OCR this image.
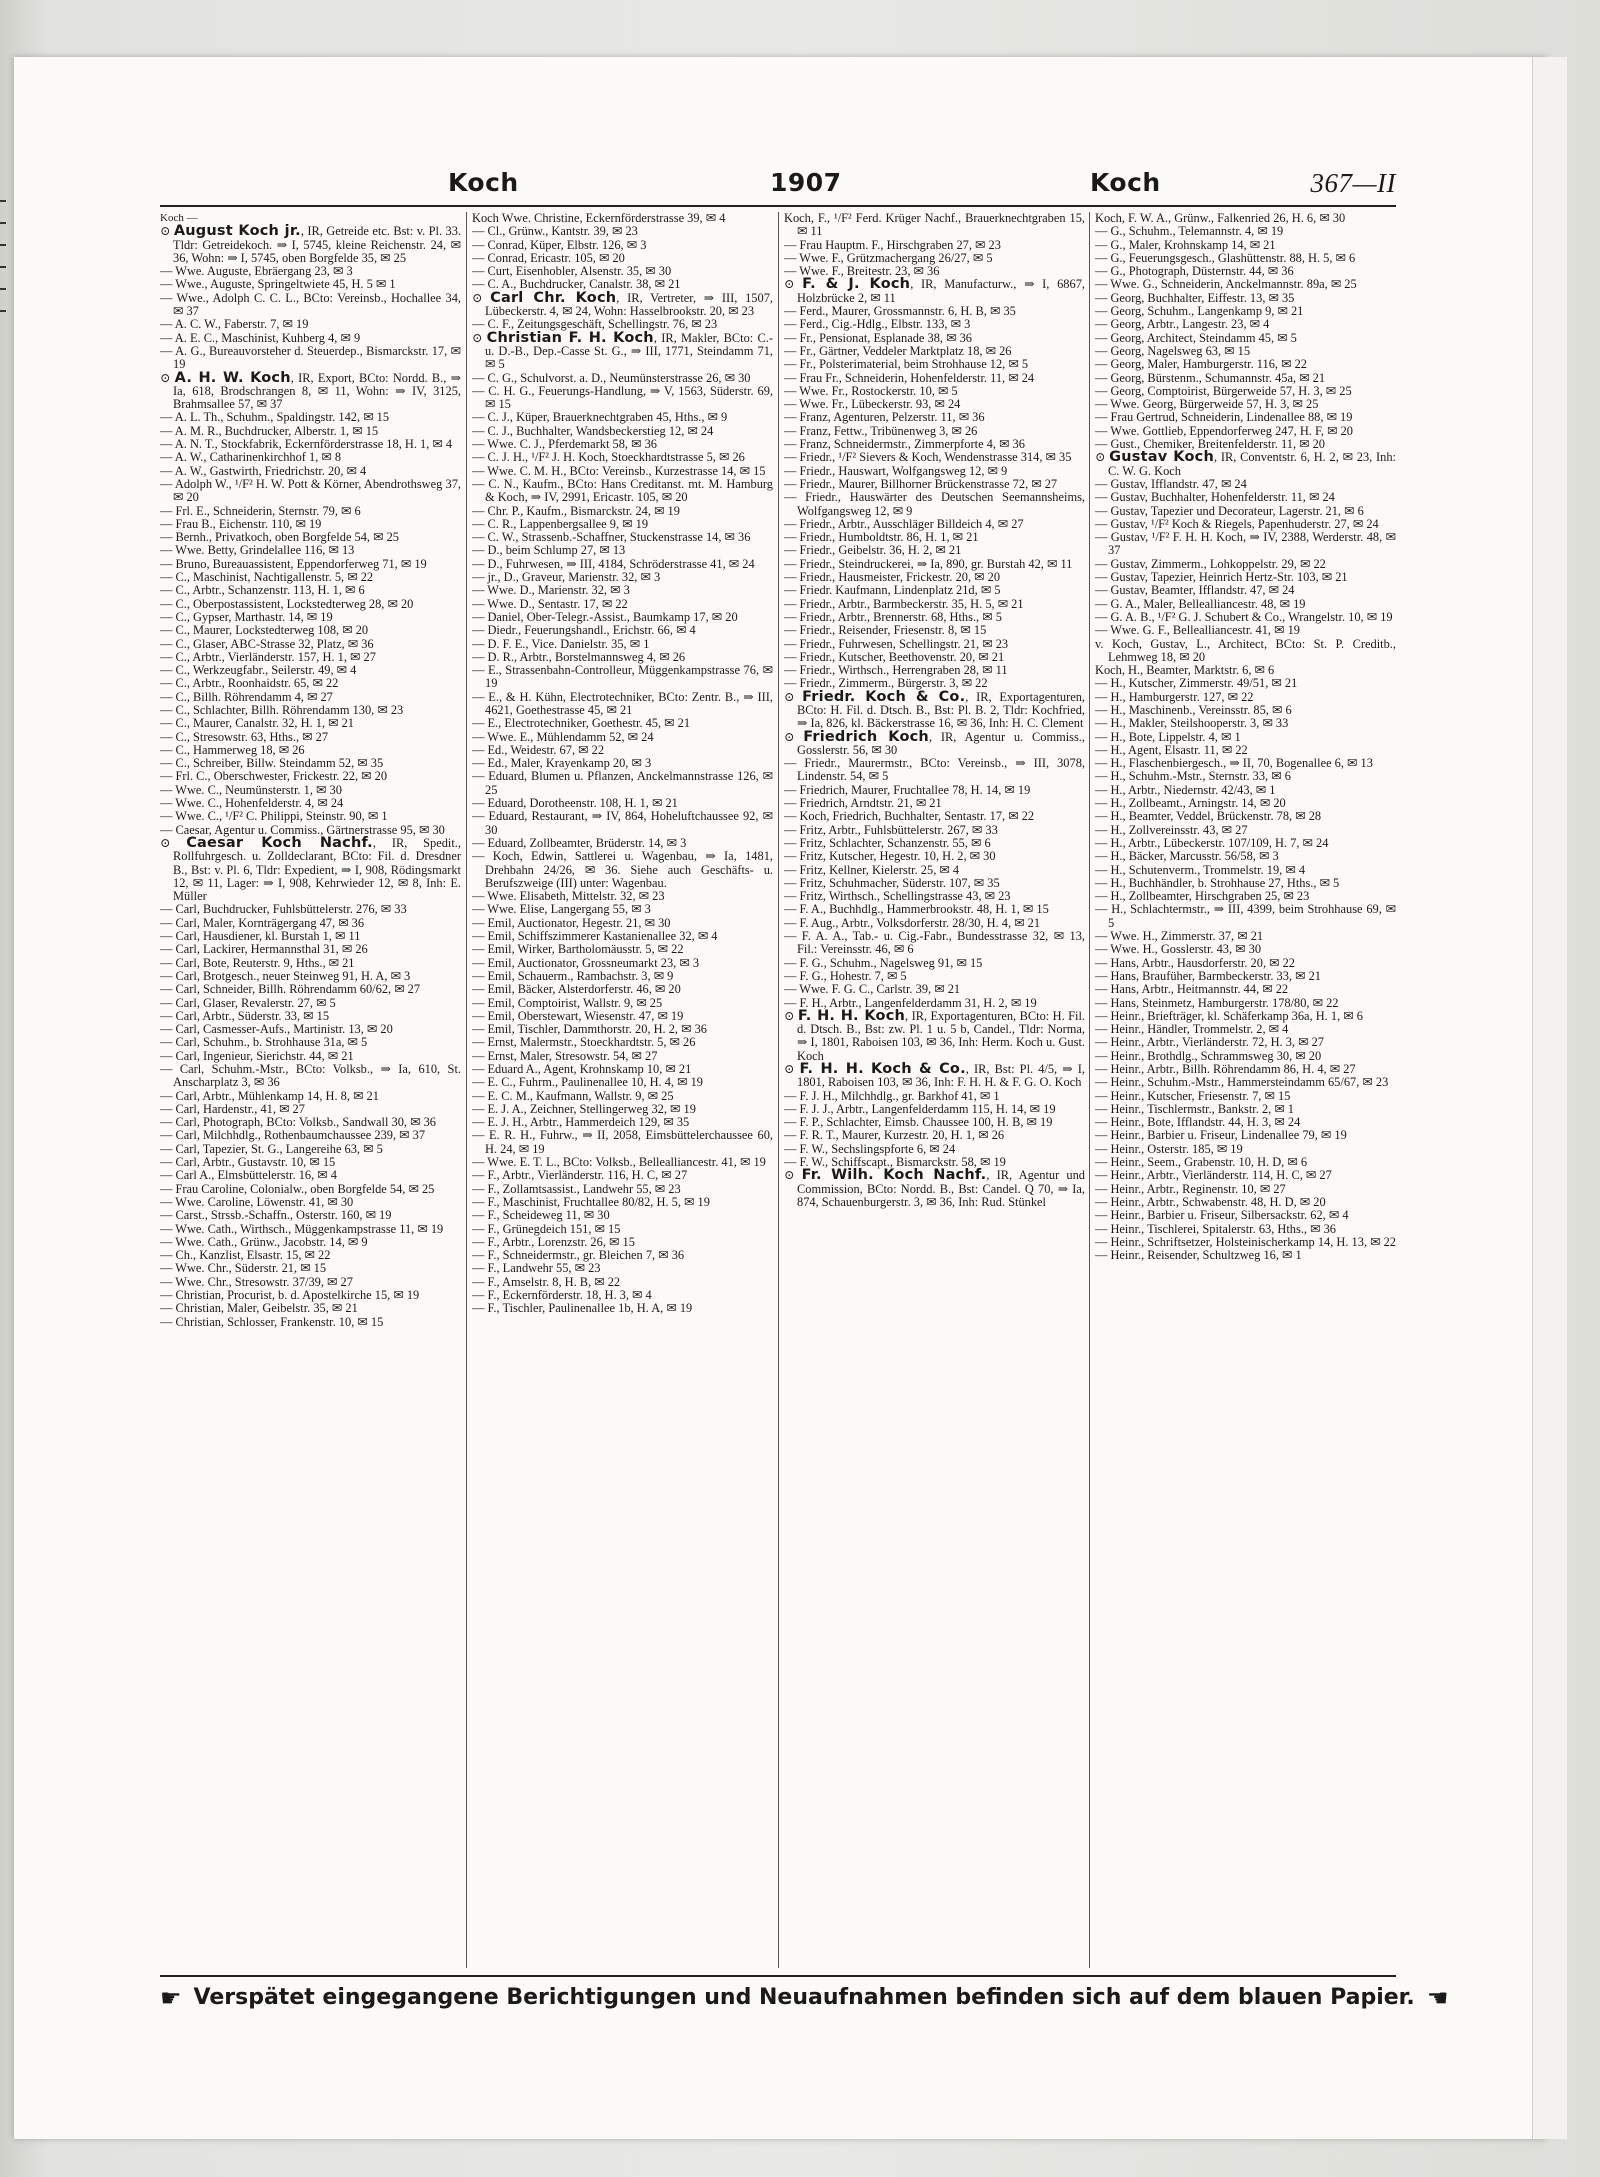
Koch	1907	Koch	367—II
Koch —
⊙ August Koch jr., IR, Getreide etc. Bst: v. Pl. 33. Tldr: Getreidekoch. ⇒ I, 5745, kleine Reichenstr. 24, ✉36, Wohn: ⇒ I, 5745, oben Borgfelde 35, ✉ 25
— Wwe. Auguste, Ebräergang 23, ✉ 3
— Wwe., Auguste, Springeltwiete 45, H. 5 ✉ 1
— Wwe., Adolph C. C. L., BCto: Vereinsb., Hochallee 34, ✉ 37
— A. C. W., Faberstr. 7, ✉ 19
— A. E. C., Maschinist, Kuhberg 4, ✉ 9
— A. G., Bureauvorsteher d. Steuerdep., Bismarckstr. 17, ✉ 19
⊙ A. H. W. Koch, IR, Export, BCto: Nordd. B., ⇒ Ia, 618, Brodschrangen 8, ✉ 11, Wohn: ⇒ IV, 3125, Brahmsallee 57, ✉ 37
— A. L. Th., Schuhm., Spaldingstr. 142, ✉ 15
— A. M. R., Buchdrucker, Alberstr. 1, ✉ 15
— A. N. T., Stockfabrik, Eckernförderstrasse 18, H. 1, ✉ 4
— A. W., Catharinenkirchhof 1, ✉ 8
— A. W., Gastwirth, Friedrichstr. 20, ✉ 4
— Adolph W., ¹/F² H. W. Pott & Körner, Abendrothsweg 37, ✉ 20
— Frl. E., Schneiderin, Sternstr. 79, ✉ 6
— Frau B., Eichenstr. 110, ✉ 19
— Bernh., Privatkoch, oben Borgfelde 54, ✉ 25
— Wwe. Betty, Grindelallee 116, ✉ 13
— Bruno, Bureauassistent, Eppendorferweg 71, ✉ 19
— C., Maschinist, Nachtigallenstr. 5, ✉ 22
— C., Arbtr., Schanzenstr. 113, H. 1, ✉ 6
— C., Oberpostassistent, Lockstedterweg 28, ✉ 20
— C., Gypser, Marthastr. 14, ✉ 19
— C., Maurer, Lockstedterweg 108, ✉ 20
— C., Glaser, ABC-Strasse 32, Platz, ✉ 36
— C., Arbtr., Vierländerstr. 157, H. 1, ✉ 27
— C., Werkzeugfabr., Seilerstr. 49, ✉ 4
— C., Arbtr., Roonhaidstr. 65, ✉ 22
— C., Billh. Röhrendamm 4, ✉ 27
— C., Schlachter, Billh. Röhrendamm 130, ✉ 23
— C., Maurer, Canalstr. 32, H. 1, ✉ 21
— C., Stresowstr. 63, Hths., ✉ 27
— C., Hammerweg 18, ✉ 26
— C., Schreiber, Billw. Steindamm 52, ✉ 35
— Frl. C., Oberschwester, Frickestr. 22, ✉ 20
— Wwe. C., Neumünsterstr. 1, ✉ 30
— Wwe. C., Hohenfelderstr. 4, ✉ 24
— Wwe. C., ¹/F² C. Philippi, Steinstr. 90, ✉ 1
— Caesar, Agentur u. Commiss., Gärtnerstrasse 95, ✉ 30
⊙ Caesar Koch Nachf., IR, Spedit., Rollfuhrgesch. u. Zolldeclarant, BCto: Fil. d. Dresdner B., Bst: v. Pl. 6, Tldr: Expedient, ⇒ I, 908, Rödingsmarkt 12, ✉ 11, Lager: ⇒ I, 908, Kehrwieder 12, ✉ 8, Inh: E. Müller
— Carl, Buchdrucker, Fuhlsbüttelerstr. 276, ✉ 33
— Carl, Maler, Kornträgergang 47, ✉ 36
— Carl, Hausdiener, kl. Burstah 1, ✉ 11
— Carl, Lackirer, Hermannsthal 31, ✉ 26
— Carl, Bote, Reuterstr. 9, Hths., ✉ 21
— Carl, Brotgesch., neuer Steinweg 91, H. A, ✉ 3
— Carl, Schneider, Billh. Röhrendamm 60/62, ✉ 27
— Carl, Glaser, Revalerstr. 27, ✉ 5
— Carl, Arbtr., Süderstr. 33, ✉ 15
— Carl, Casmesser-Aufs., Martinistr. 13, ✉ 20
— Carl, Schuhm., b. Strohhause 31a, ✉ 5
— Carl, Ingenieur, Sierichstr. 44, ✉ 21
— Carl, Schuhm.-Mstr., BCto: Volksb., ⇒ Ia, 610, St. Anscharplatz 3, ✉ 36
— Carl, Arbtr., Mühlenkamp 14, H. 8, ✉ 21
— Carl, Hardenstr., 41, ✉ 27
— Carl, Photograph, BCto: Volksb., Sandwall 30, ✉ 36
— Carl, Milchhdlg., Rothenbaumchaussee 239, ✉ 37
— Carl, Tapezier, St. G., Langereihe 63, ✉ 5
— Carl, Arbtr., Gustavstr. 10, ✉ 15
— Carl A., Elmsbüttelerstr. 16, ✉ 4
— Frau Caroline, Colonialw., oben Borgfelde 54, ✉ 25
— Wwe. Caroline, Löwenstr. 41, ✉ 30
— Carst., Strssb.-Schaffn., Osterstr. 160, ✉ 19
— Wwe. Cath., Wirthsch., Müggenkampstrasse 11, ✉ 19
— Wwe. Cath., Grünw., Jacobstr. 14, ✉ 9
— Ch., Kanzlist, Elsastr. 15, ✉ 22
— Wwe. Chr., Süderstr. 21, ✉ 15
— Wwe. Chr., Stresowstr. 37/39, ✉ 27
— Christian, Procurist, b. d. Apostelkirche 15, ✉ 19
— Christian, Maler, Geibelstr. 35, ✉ 21
— Christian, Schlosser, Frankenstr. 10, ✉ 15
Koch Wwe. Christine, Eckernförderstrasse 39, ✉ 4
— Cl., Grünw., Kantstr. 39, ✉ 23
— Conrad, Küper, Elbstr. 126, ✉ 3
— Conrad, Ericastr. 105, ✉ 20
— Curt, Eisenhobler, Alsenstr. 35, ✉ 30
— C. A., Buchdrucker, Canalstr. 38, ✉ 21
⊙ Carl Chr. Koch, IR, Vertreter, ⇒ III, 1507, Lübeckerstr. 4, ✉ 24, Wohn: Hasselbrookstr. 20, ✉ 23
— C. F., Zeitungsgeschäft, Schellingstr. 76, ✉ 23
⊙ Christian F. H. Koch, IR, Makler, BCto: C.- u. D.-B., Dep.-Casse St. G., ⇒ III, 1771, Steindamm 71, ✉ 5
— C. G., Schulvorst. a. D., Neumünsterstrasse 26, ✉ 30
— C. H. G., Feuerungs-Handlung, ⇒ V, 1563, Süderstr. 69, ✉ 15
— C. J., Küper, Brauerknechtgraben 45, Hths., ✉ 9
— C. J., Buchhalter, Wandsbeckerstieg 12, ✉ 24
— Wwe. C. J., Pferdemarkt 58, ✉ 36
— C. J. H., ¹/F² J. H. Koch, Stoeckhardtstrasse 5, ✉ 26
— Wwe. C. M. H., BCto: Vereinsb., Kurzestrasse 14, ✉ 15
— C. N., Kaufm., BCto: Hans Creditanst. mt. M. Hamburg & Koch, ⇒ IV, 2991, Ericastr. 105, ✉ 20
— Chr. P., Kaufm., Bismarckstr. 24, ✉ 19
— C. R., Lappenbergsallee 9, ✉ 19
— C. W., Strassenb.-Schaffner, Stuckenstrasse 14, ✉ 36
— D., beim Schlump 27, ✉ 13
— D., Fuhrwesen, ⇒ III, 4184, Schröderstrasse 41, ✉ 24
— jr., D., Graveur, Marienstr. 32, ✉ 3
— Wwe. D., Marienstr. 32, ✉ 3
— Wwe. D., Sentastr. 17, ✉ 22
— Daniel, Ober-Telegr.-Assist., Baumkamp 17, ✉ 20
— Diedr., Feuerungshandl., Erichstr. 66, ✉ 4
— D. F. E., Vice. Danielstr. 35, ✉ 1
— D. R., Arbtr., Borstelmannsweg 4, ✉ 26
— E., Strassenbahn-Controlleur, Müggenkampstrasse 76, ✉ 19
— E., & H. Kühn, Electrotechniker, BCto: Zentr. B., ⇒ III, 4621, Goethestrasse 45, ✉ 21
— E., Electrotechniker, Goethestr. 45, ✉ 21
— Wwe. E., Mühlendamm 52, ✉ 24
— Ed., Weidestr. 67, ✉ 22
— Ed., Maler, Krayenkamp 20, ✉ 3
— Eduard, Blumen u. Pflanzen, Anckelmannstrasse 126, ✉ 25
— Eduard, Dorotheenstr. 108, H. 1, ✉ 21
— Eduard, Restaurant, ⇒ IV, 864, Hoheluftchaussee 92, ✉ 30
— Eduard, Zollbeamter, Brüderstr. 14, ✉ 3
— Koch, Edwin, Sattlerei u. Wagenbau, ⇒ Ia, 1481, Drehbahn 24/26, ✉ 36. Siehe auch Geschäfts- u. Berufszweige (III) unter: Wagenbau.
— Wwe. Elisabeth, Mittelstr. 32, ✉ 23
— Wwe. Elise, Langergang 55, ✉ 3
— Emil, Auctionator, Hegestr. 21, ✉ 30
— Emil, Schiffszimmerer Kastanienallee 32, ✉ 4
— Emil, Wirker, Bartholomäusstr. 5, ✉ 22
— Emil, Auctionator, Grossneumarkt 23, ✉ 3
— Emil, Schauerm., Rambachstr. 3, ✉ 9
— Emil, Bäcker, Alsterdorferstr. 46, ✉ 20
— Emil, Comptoirist, Wallstr. 9, ✉ 25
— Emil, Oberstewart, Wiesenstr. 47, ✉ 19
— Emil, Tischler, Dammthorstr. 20, H. 2, ✉ 36
— Ernst, Malermstr., Stoeckhardtstr. 5, ✉ 26
— Ernst, Maler, Stresowstr. 54, ✉ 27
— Eduard A., Agent, Krohnskamp 10, ✉ 21
— E. C., Fuhrm., Paulinenallee 10, H. 4, ✉ 19
— E. C. M., Kaufmann, Wallstr. 9, ✉ 25
— E. J. A., Zeichner, Stellingerweg 32, ✉ 19
— E. J. H., Arbtr., Hammerdeich 129, ✉ 35
— E. R. H., Fuhrw., ⇒ II, 2058, Eimsbüttelerchaussee 60, H. 24, ✉ 19
— Wwe. E. T. L., BCto: Volksb., Bellealliancestr. 41, ✉ 19
— F., Arbtr., Vierländerstr. 116, H. C, ✉ 27
— F., Zollamtsassist., Landwehr 55, ✉ 23
— F., Maschinist, Fruchtallee 80/82, H. 5, ✉ 19
— F., Scheideweg 11, ✉ 30
— F., Grünegdeich 151, ✉ 15
— F., Arbtr., Lorenzstr. 26, ✉ 15
— F., Schneidermstr., gr. Bleichen 7, ✉ 36
— F., Landwehr 55, ✉ 23
— F., Amselstr. 8, H. B, ✉ 22
— F., Eckernförderstr. 18, H. 3, ✉ 4
— F., Tischler, Paulinenallee 1b, H. A, ✉ 19
Koch, F., ¹/F² Ferd. Krüger Nachf., Brauerknechtgraben 15, ✉ 11
— Frau Hauptm. F., Hirschgraben 27, ✉ 23
— Wwe. F., Grützmachergang 26/27, ✉ 5
— Wwe. F., Breitestr. 23, ✉ 36
⊙ F. & J. Koch, IR, Manufacturw., ⇒ I, 6867, Holzbrücke 2, ✉ 11
— Ferd., Maurer, Grossmannstr. 6, H. B, ✉ 35
— Ferd., Cig.-Hdlg., Elbstr. 133, ✉ 3
— Fr., Pensionat, Esplanade 38, ✉ 36
— Fr., Gärtner, Veddeler Marktplatz 18, ✉ 26
— Fr., Polsterimaterial, beim Strohhause 12, ✉ 5
— Frau Fr., Schneiderin, Hohenfelderstr. 11, ✉ 24
— Wwe. Fr., Rostockerstr. 10, ✉ 5
— Wwe. Fr., Lübeckerstr. 93, ✉ 24
— Franz, Agenturen, Pelzerstr. 11, ✉ 36
— Franz, Fettw., Tribünenweg 3, ✉ 26
— Franz, Schneidermstr., Zimmerpforte 4, ✉ 36
— Friedr., ¹/F² Sievers & Koch, Wendenstrasse 314, ✉ 35
— Friedr., Hauswart, Wolfgangsweg 12, ✉ 9
— Friedr., Maurer, Billhorner Brückenstrasse 72, ✉ 27
— Friedr., Hauswärter des Deutschen Seemannsheims, Wolfgangsweg 12, ✉ 9
— Friedr., Arbtr., Ausschläger Billdeich 4, ✉ 27
— Friedr., Humboldtstr. 86, H. 1, ✉ 21
— Friedr., Geibelstr. 36, H. 2, ✉ 21
— Friedr., Steindruckerei, ⇒ Ia, 890, gr. Burstah 42, ✉ 11
— Friedr., Hausmeister, Frickestr. 20, ✉ 20
— Friedr. Kaufmann, Lindenplatz 21d, ✉ 5
— Friedr., Arbtr., Barmbeckerstr. 35, H. 5, ✉ 21
— Friedr., Arbtr., Brennerstr. 68, Hths., ✉ 5
— Friedr., Reisender, Friesenstr. 8, ✉ 15
— Friedr., Fuhrwesen, Schellingstr. 21, ✉ 23
— Friedr., Kutscher, Beethovenstr. 20, ✉ 21
— Friedr., Wirthsch., Herrengraben 28, ✉ 11
— Friedr., Zimmerm., Bürgerstr. 3, ✉ 22
⊙ Friedr. Koch & Co., IR, Exportagenturen, BCto: H. Fil. d. Dtsch. B., Bst: Pl. B. 2, Tldr: Kochfried, ⇒ Ia, 826, kl. Bäckerstrasse 16, ✉ 36, Inh: H. C. Clement
⊙ Friedrich Koch, IR, Agentur u. Commiss., Gosslerstr. 56, ✉ 30
— Friedr., Maurermstr., BCto: Vereinsb., ⇒ III, 3078, Lindenstr. 54, ✉ 5
— Friedrich, Maurer, Fruchtallee 78, H. 14, ✉ 19
— Friedrich, Arndtstr. 21, ✉ 21
— Koch, Friedrich, Buchhalter, Sentastr. 17, ✉ 22
— Fritz, Arbtr., Fuhlsbüttelerstr. 267, ✉ 33
— Fritz, Schlachter, Schanzenstr. 55, ✉ 6
— Fritz, Kutscher, Hegestr. 10, H. 2, ✉ 30
— Fritz, Kellner, Kielerstr. 25, ✉ 4
— Fritz, Schuhmacher, Süderstr. 107, ✉ 35
— Fritz, Wirthsch., Schellingstrasse 43, ✉ 23
— F. A., Buchhdlg., Hammerbrookstr. 48, H. 1, ✉ 15
— F. Aug., Arbtr., Volksdorferstr. 28/30, H. 4, ✉ 21
— F. A. A., Tab.- u. Cig.-Fabr., Bundesstrasse 32, ✉ 13, Fil.: Vereinsstr. 46, ✉ 6
— F. G., Schuhm., Nagelsweg 91, ✉ 15
— F. G., Hohestr. 7, ✉ 5
— Wwe. F. G. C., Carlstr. 39, ✉ 21
— F. H., Arbtr., Langenfelderdamm 31, H. 2, ✉ 19
⊙ F. H. H. Koch, IR, Exportagenturen, BCto: H. Fil. d. Dtsch. B., Bst: zw. Pl. 1 u. 5 b, Candel., Tldr: Norma, ⇒ I, 1801, Raboisen 103, ✉ 36, Inh: Herm. Koch u. Gust. Koch
⊙ F. H. H. Koch & Co., IR, Bst: Pl. 4/5, ⇒ I, 1801, Raboisen 103, ✉ 36, Inh: F. H. H. & F. G. O. Koch
— F. J. H., Milchhdlg., gr. Barkhof 41, ✉ 1
— F. J. J., Arbtr., Langenfelderdamm 115, H. 14, ✉ 19
— F. P., Schlachter, Eimsb. Chaussee 100, H. B, ✉ 19
— F. R. T., Maurer, Kurzestr. 20, H. 1, ✉ 26
— F. W., Sechslingspforte 6, ✉ 24
— F. W., Schiffscapt., Bismarckstr. 58, ✉ 19
⊙ Fr. Wilh. Koch Nachf., IR, Agentur und Commission, BCto: Nordd. B., Bst: Candel. Q 70, ⇒ Ia, 874, Schauenburgerstr. 3, ✉ 36, Inh: Rud. Stünkel
Koch, F. W. A., Grünw., Falkenried 26, H. 6, ✉ 30
— G., Schuhm., Telemannstr. 4, ✉ 19
— G., Maler, Krohnskamp 14, ✉ 21
— G., Feuerungsgesch., Glashüttenstr. 88, H. 5, ✉ 6
— G., Photograph, Düsternstr. 44, ✉ 36
— Wwe. G., Schneiderin, Anckelmannstr. 89a, ✉ 25
— Georg, Buchhalter, Eiffestr. 13, ✉ 35
— Georg, Schuhm., Langenkamp 9, ✉ 21
— Georg, Arbtr., Langestr. 23, ✉ 4
— Georg, Architect, Steindamm 45, ✉ 5
— Georg, Nagelsweg 63, ✉ 15
— Georg, Maler, Hamburgerstr. 116, ✉ 22
— Georg, Bürstenm., Schumannstr. 45a, ✉ 21
— Georg, Comptoirist, Bürgerweide 57, H. 3, ✉ 25
— Wwe. Georg, Bürgerweide 57, H. 3, ✉ 25
— Frau Gertrud, Schneiderin, Lindenallee 88, ✉ 19
— Wwe. Gottlieb, Eppendorferweg 247, H. F, ✉ 20
— Gust., Chemiker, Breitenfelderstr. 11, ✉ 20
⊙ Gustav Koch, IR, Conventstr. 6, H. 2, ✉ 23, Inh: C. W. G. Koch
— Gustav, Ifflandstr. 47, ✉ 24
— Gustav, Buchhalter, Hohenfelderstr. 11, ✉ 24
— Gustav, Tapezier und Decorateur, Lagerstr. 21, ✉ 6
— Gustav, ¹/F² Koch & Riegels, Papenhuderstr. 27, ✉ 24
— Gustav, ¹/F² F. H. H. Koch, ⇒ IV, 2388, Werderstr. 48, ✉ 37
— Gustav, Zimmerm., Lohkoppelstr. 29, ✉ 22
— Gustav, Tapezier, Heinrich Hertz-Str. 103, ✉ 21
— Gustav, Beamter, Ifflandstr. 47, ✉ 24
— G. A., Maler, Bellealliancestr. 48, ✉ 19
— G. A. B., ¹/F² G. J. Schubert & Co., Wrangelstr. 10, ✉ 19
— Wwe. G. F., Bellealliancestr. 41, ✉ 19
v. Koch, Gustav, L., Architect, BCto: St. P. Creditb., Lehmweg 18, ✉ 20
Koch, H., Beamter, Marktstr. 6, ✉ 6
— H., Kutscher, Zimmerstr. 49/51, ✉ 21
— H., Hamburgerstr. 127, ✉ 22
— H., Maschinenb., Vereinsstr. 85, ✉ 6
— H., Makler, Steilshooperstr. 3, ✉ 33
— H., Bote, Lippelstr. 4, ✉ 1
— H., Agent, Elsastr. 11, ✉ 22
— H., Flaschenbiergesch., ⇒ II, 70, Bogenallee 6, ✉ 13
— H., Schuhm.-Mstr., Sternstr. 33, ✉ 6
— H., Arbtr., Niedernstr. 42/43, ✉ 1
— H., Zollbeamt., Arningstr. 14, ✉ 20
— H., Beamter, Veddel, Brückenstr. 78, ✉ 28
— H., Zollvereinsstr. 43, ✉ 27
— H., Arbtr., Lübeckerstr. 107/109, H. 7, ✉ 24
— H., Bäcker, Marcusstr. 56/58, ✉ 3
— H., Schutenverm., Trommelstr. 19, ✉ 4
— H., Buchhändler, b. Strohhause 27, Hths., ✉ 5
— H., Zollbeamter, Hirschgraben 25, ✉ 23
— H., Schlachtermstr., ⇒ III, 4399, beim Strohhause 69, ✉ 5
— Wwe. H., Zimmerstr. 37, ✉ 21
— Wwe. H., Gosslerstr. 43, ✉ 30
— Hans, Arbtr., Hausdorferstr. 20, ✉ 22
— Hans, Braufüher, Barmbeckerstr. 33, ✉ 21
— Hans, Arbtr., Heitmannstr. 44, ✉ 22
— Hans, Steinmetz, Hamburgerstr. 178/80, ✉ 22
— Heinr., Briefträger, kl. Schäferkamp 36a, H. 1, ✉ 6
— Heinr., Händler, Trommelstr. 2, ✉ 4
— Heinr., Arbtr., Vierländerstr. 72, H. 3, ✉ 27
— Heinr., Brothdlg., Schrammsweg 30, ✉ 20
— Heinr., Arbtr., Billh. Röhrendamm 86, H. 4, ✉ 27
— Heinr., Schuhm.-Mstr., Hammersteindamm 65/67, ✉ 23
— Heinr., Kutscher, Friesenstr. 7, ✉ 15
— Heinr., Tischlermstr., Bankstr. 2, ✉ 1
— Heinr., Bote, Ifflandstr. 44, H. 3, ✉ 24
— Heinr., Barbier u. Friseur, Lindenallee 79, ✉ 19
— Heinr., Osterstr. 185, ✉ 19
— Heinr., Seem., Grabenstr. 10, H. D, ✉ 6
— Heinr., Arbtr., Vierländerstr. 114, H. C, ✉ 27
— Heinr., Arbtr., Reginenstr. 10, ✉ 27
— Heinr., Arbtr., Schwabenstr. 48, H. D, ✉ 20
— Heinr., Barbier u. Friseur, Silbersackstr. 62, ✉ 4
— Heinr., Tischlerei, Spitalerstr. 63, Hths., ✉ 36
— Heinr., Schriftsetzer, Holsteinischerkamp 14, H. 13, ✉ 22
— Heinr., Reisender, Schultzweg 16, ✉ 1
☛ Verspätet eingegangene Berichtigungen und Neuaufnahmen befinden sich auf dem blauen Papier. ☛
